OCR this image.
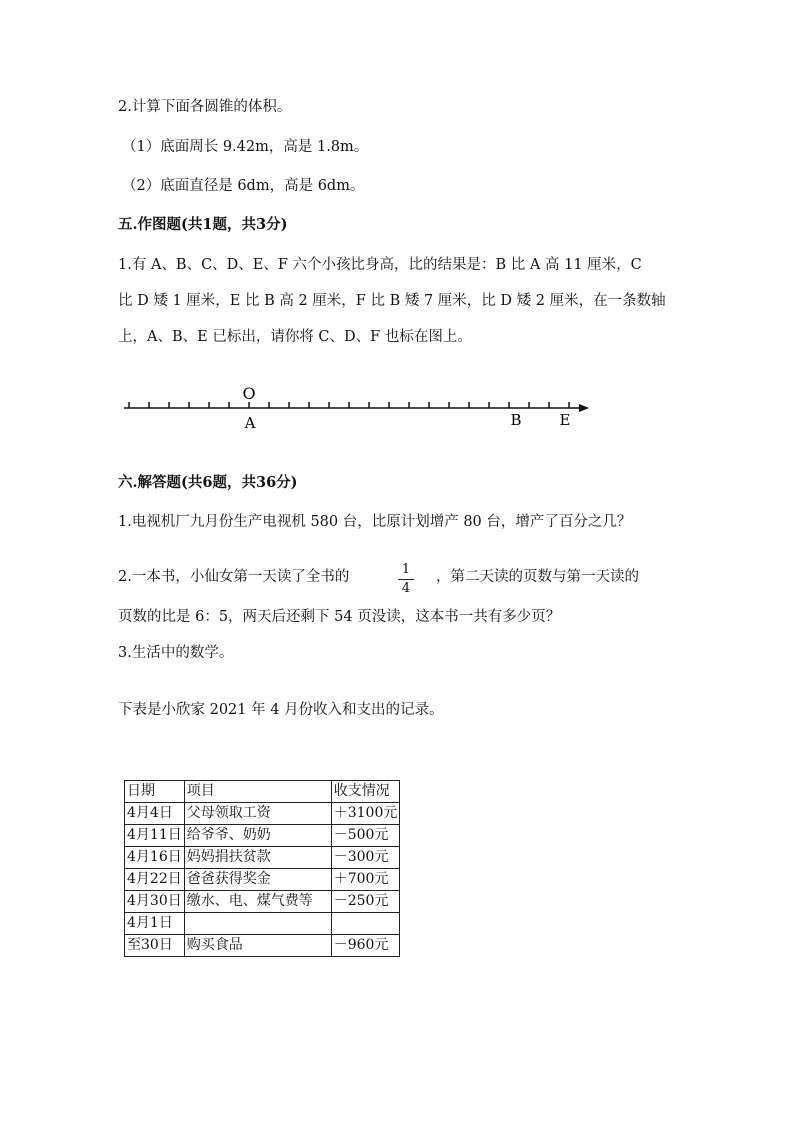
2.计算下面各圆锥的体积。
（1）底面周长 9.42m，高是 1.8m。
（2）底面直径是 6dm，高是 6dm。
五.作图题(共1题，共3分)
1.有 A、B、C、D、E、F 六个小孩比身高，比的结果是：B 比 A 高 11 厘米，C
比 D 矮 1 厘米，E 比 B 高 2 厘米，F 比 B 矮 7 厘米，比 D 矮 2 厘米，在一条数轴
上，A、B、E 已标出，请你将 C、D、F 也标在图上。
O
A	B	E
六.解答题(共6题，共36分)
1.电视机厂九月份生产电视机 580 台，比原计划增产 80 台，增产了百分之几？
2.一本书，小仙女第一天读了全书的	1
4
，第二天读的页数与第一天读的
页数的比是 6：5，两天后还剩下 54 页没读，这本书一共有多少页？
3.生活中的数学。
下表是小欣家 2021 年 4 月份收入和支出的记录。
日期	项目	收支情况
4月4日	父母领取工资	＋3100元
4月11日	给爷爷、奶奶	－500元
4月16日	妈妈捐扶贫款	－300元
4月22日	爸爸获得奖金	＋700元
4月30日	缴水、电、煤气费等	－250元
4月1日		
至30日	购买食品	－960元
